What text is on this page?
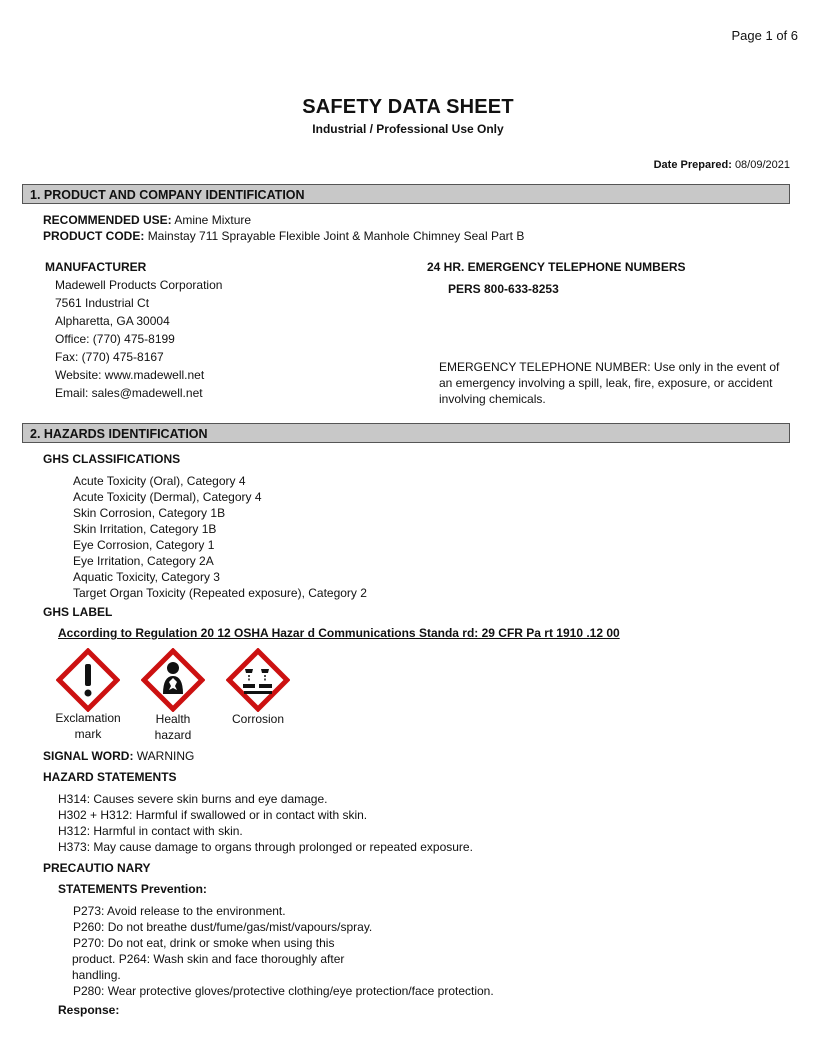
Page 1 of 6
SAFETY DATA SHEET
Industrial / Professional Use Only
Date Prepared: 08/09/2021
1. PRODUCT AND COMPANY IDENTIFICATION
RECOMMENDED USE: Amine Mixture
PRODUCT CODE: Mainstay 711 Sprayable Flexible Joint & Manhole Chimney Seal Part B
MANUFACTURER
Madewell Products Corporation
7561 Industrial Ct
Alpharetta, GA 30004
Office: (770) 475-8199
Fax: (770) 475-8167
Website: www.madewell.net
Email: sales@madewell.net
24 HR. EMERGENCY TELEPHONE NUMBERS
PERS 800-633-8253
EMERGENCY TELEPHONE NUMBER: Use only in the event of an emergency involving a spill, leak, fire, exposure, or accident involving chemicals.
2. HAZARDS IDENTIFICATION
GHS CLASSIFICATIONS
Acute Toxicity (Oral), Category 4
Acute Toxicity (Dermal), Category 4
Skin Corrosion, Category 1B
Skin Irritation, Category 1B
Eye Corrosion, Category 1
Eye Irritation, Category 2A
Aquatic Toxicity, Category 3
Target Organ Toxicity (Repeated exposure), Category 2
GHS LABEL
According to Regulation 20 12 OSHA Hazar d Communications Standa rd: 29 CFR Pa rt 1910 .12 00
Exclamation
mark
Health
hazard
Corrosion
SIGNAL WORD: WARNING
HAZARD STATEMENTS
H314: Causes severe skin burns and eye damage.
H302 + H312: Harmful if swallowed or in contact with skin.
H312: Harmful in contact with skin.
H373: May cause damage to organs through prolonged or repeated exposure.
PRECAUTIO NARY
STATEMENTS Prevention:
P273: Avoid release to the environment.
P260: Do not breathe dust/fume/gas/mist/vapours/spray.
P270: Do not eat, drink or smoke when using this
product. P264: Wash skin and face thoroughly after
handling.
P280: Wear protective gloves/protective clothing/eye protection/face protection.
Response:
